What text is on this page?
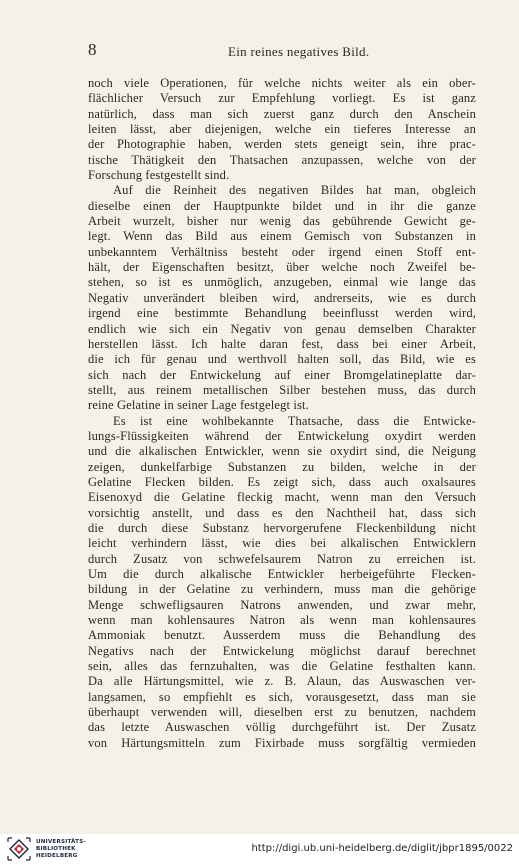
8	Ein reines negatives Bild.
noch viele Operationen, für welche nichts weiter als ein ober-
flächlicher Versuch zur Empfehlung vorliegt. Es ist ganz
natürlich, dass man sich zuerst ganz durch den Anschein
leiten lässt, aber diejenigen, welche ein tieferes Interesse an
der Photographie haben, werden stets geneigt sein, ihre prac-
tische Thätigkeit den Thatsachen anzupassen, welche von der
Forschung festgestellt sind.
Auf die Reinheit des negativen Bildes hat man, obgleich
dieselbe einen der Hauptpunkte bildet und in ihr die ganze
Arbeit wurzelt, bisher nur wenig das gebührende Gewicht ge-
legt. Wenn das Bild aus einem Gemisch von Substanzen in
unbekanntem Verhältniss besteht oder irgend einen Stoff ent-
hält, der Eigenschaften besitzt, über welche noch Zweifel be-
stehen, so ist es unmöglich, anzugeben, einmal wie lange das
Negativ unverändert bleiben wird, andrerseits, wie es durch
irgend eine bestimmte Behandlung beeinflusst werden wird,
endlich wie sich ein Negativ von genau demselben Charakter
herstellen lässt. Ich halte daran fest, dass bei einer Arbeit,
die ich für genau und werthvoll halten soll, das Bild, wie es
sich nach der Entwickelung auf einer Bromgelatineplatte dar-
stellt, aus reinem metallischen Silber bestehen muss, das durch
reine Gelatine in seiner Lage festgelegt ist.
Es ist eine wohlbekannte Thatsache, dass die Entwicke-
lungs-Flüssigkeiten während der Entwickelung oxydirt werden
und die alkalischen Entwickler, wenn sie oxydirt sind, die Neigung
zeigen, dunkelfarbige Substanzen zu bilden, welche in der
Gelatine Flecken bilden. Es zeigt sich, dass auch oxalsaures
Eisenoxyd die Gelatine fleckig macht, wenn man den Versuch
vorsichtig anstellt, und dass es den Nachtheil hat, dass sich
die durch diese Substanz hervorgerufene Fleckenbildung nicht
leicht verhindern lässt, wie dies bei alkalischen Entwicklern
durch Zusatz von schwefelsaurem Natron zu erreichen ist.
Um die durch alkalische Entwickler herbeigeführte Flecken-
bildung in der Gelatine zu verhindern, muss man die gehörige
Menge schwefligsauren Natrons anwenden, und zwar mehr,
wenn man kohlensaures Natron als wenn man kohlensaures
Ammoniak benutzt. Ausserdem muss die Behandlung des
Negativs nach der Entwickelung möglichst darauf berechnet
sein, alles das fernzuhalten, was die Gelatine festhalten kann.
Da alle Härtungsmittel, wie z. B. Alaun, das Auswaschen ver-
langsamen, so empfiehlt es sich, vorausgesetzt, dass man sie
überhaupt verwenden will, dieselben erst zu benutzen, nachdem
das letzte Auswaschen völlig durchgeführt ist. Der Zusatz
von Härtungsmitteln zum Fixirbade muss sorgfältig vermieden
UNIVERSITÄTS-
BIBLIOTHEK
HEIDELBERG
http://digi.ub.uni-heidelberg.de/diglit/jbpr1895/0022
